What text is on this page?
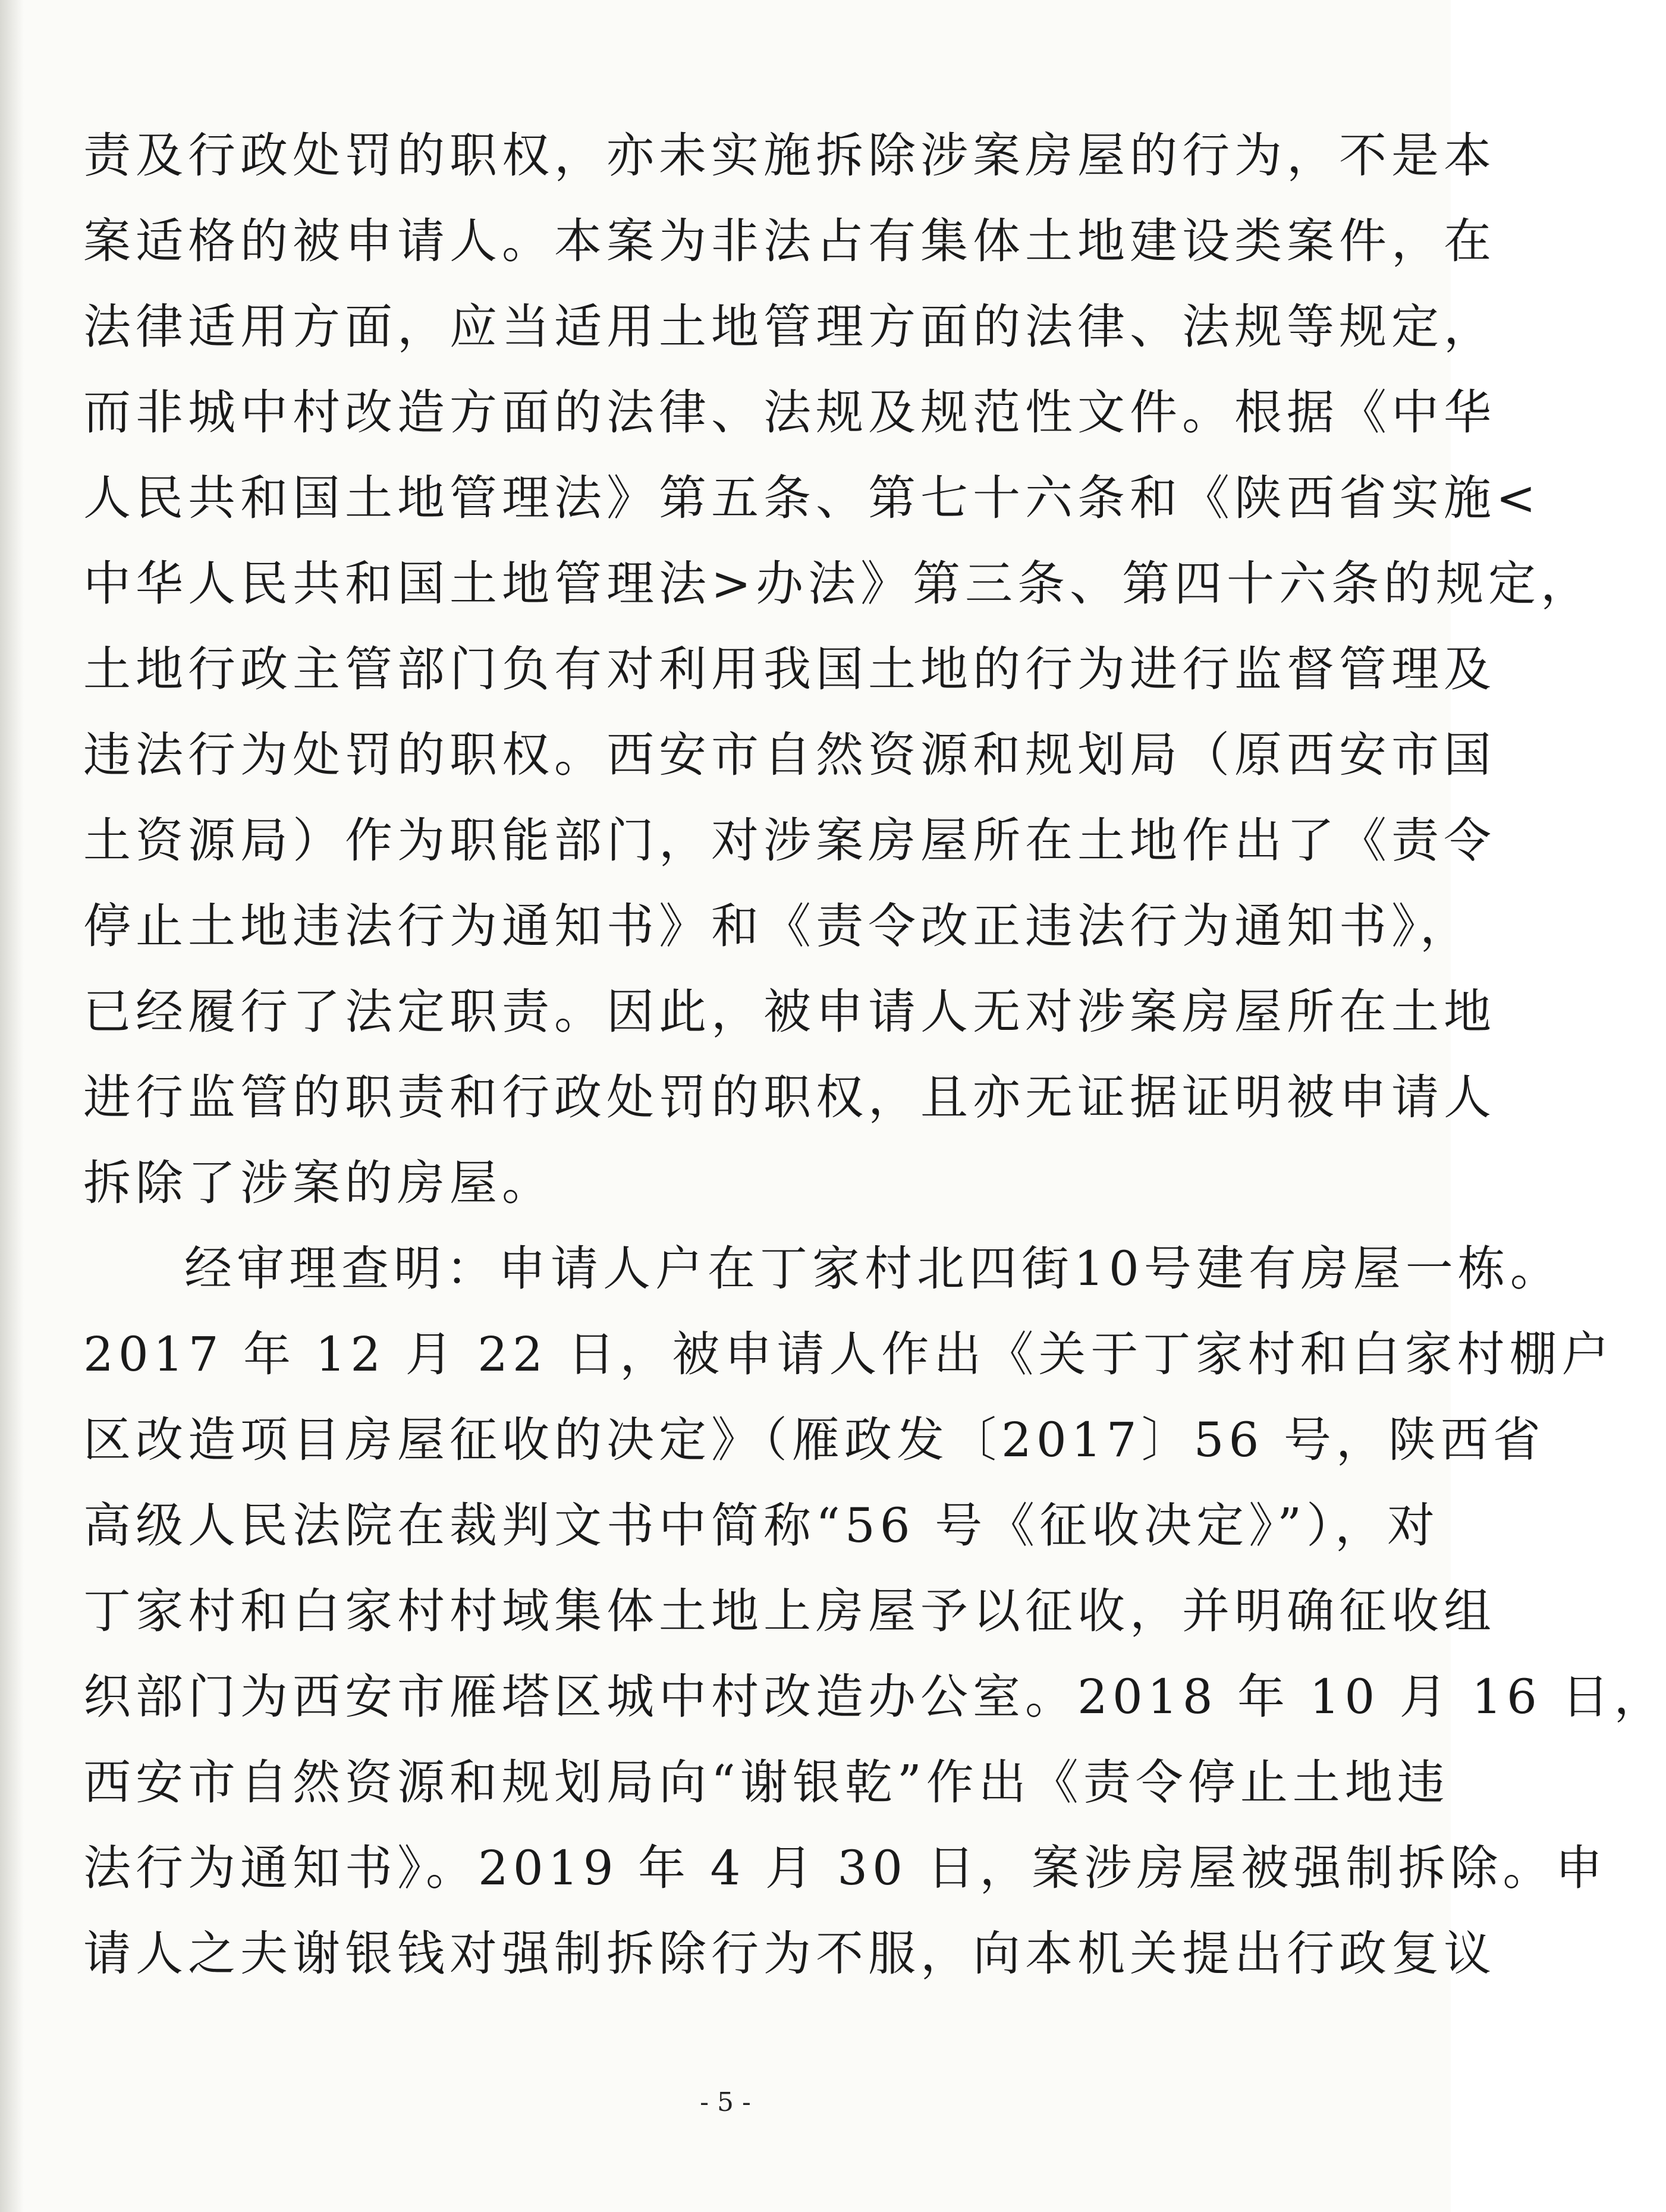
责及行政处罚的职权，亦未实施拆除涉案房屋的行为，不是本
案适格的被申请人。本案为非法占有集体土地建设类案件，在
法律适用方面，应当适用土地管理方面的法律、法规等规定，
而非城中村改造方面的法律、法规及规范性文件。根据《中华
人民共和国土地管理法》第五条、第七十六条和《陕西省实施<
中华人民共和国土地管理法>办法》第三条、第四十六条的规定，
土地行政主管部门负有对利用我国土地的行为进行监督管理及
违法行为处罚的职权。西安市自然资源和规划局（原西安市国
土资源局）作为职能部门，对涉案房屋所在土地作出了《责令
停止土地违法行为通知书》和《责令改正违法行为通知书》，
已经履行了法定职责。因此，被申请人无对涉案房屋所在土地
进行监管的职责和行政处罚的职权，且亦无证据证明被申请人
拆除了涉案的房屋。
经审理查明：申请人户在丁家村北四街10号建有房屋一栋。
2017 年 12 月 22 日，被申请人作出《关于丁家村和白家村棚户
区改造项目房屋征收的决定》（雁政发〔2017〕56 号，陕西省
高级人民法院在裁判文书中简称“56 号《征收决定》”），对
丁家村和白家村村域集体土地上房屋予以征收，并明确征收组
织部门为西安市雁塔区城中村改造办公室。2018 年 10 月 16 日，
西安市自然资源和规划局向“谢银乾”作出《责令停止土地违
法行为通知书》。2019 年 4 月 30 日，案涉房屋被强制拆除。申
请人之夫谢银钱对强制拆除行为不服，向本机关提出行政复议
- 5 -
